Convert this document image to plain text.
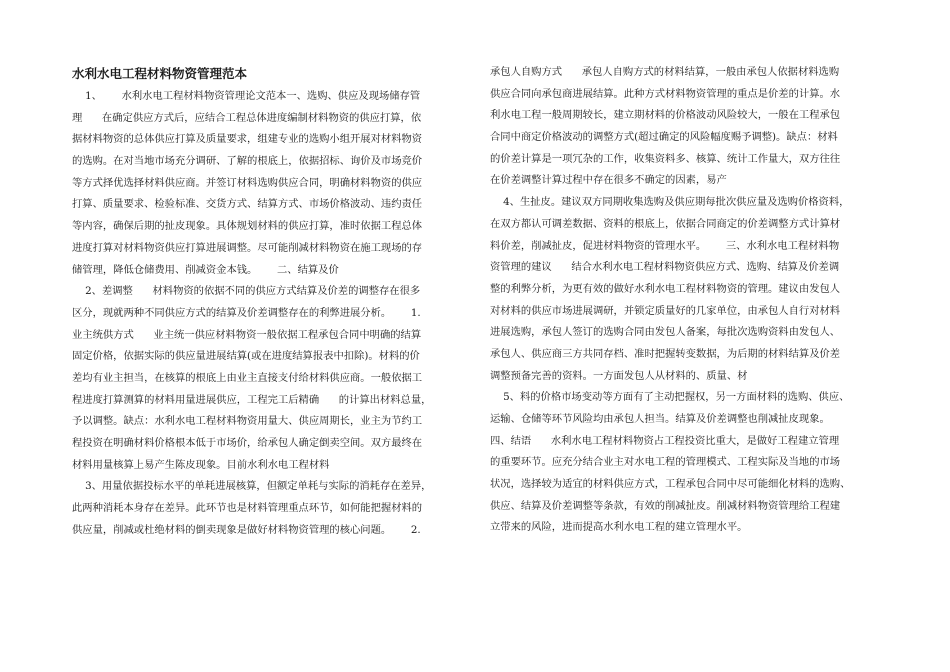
水利水电工程材料物资管理范本
1、      水利水电工程材料物资管理论文范本一、选购、供应及现场储存管
理      在确定供应方式后，应结合工程总体进度编制材料物资的供应打算，依
据材料物资的总体供应打算及质量要求，组建专业的选购小组开展对材料物资
的选购。在对当地市场充分调研、了解的根底上，依据招标、询价及市场竞价
等方式择优选择材料供应商。并签订材料选购供应合同，明确材料物资的供应
打算、质量要求、检验标准、交货方式、结算方式、市场价格波动、违约责任
等内容，确保后期的扯皮现象。具体规划材料的供应打算，准时依据工程总体
进度打算对材料物资供应打算进展调整。尽可能削减材料物资在施工现场的存
储管理，降低仓储费用、削减资金本钱。      二、结算及价
2、差调整      材料物资的依据不同的供应方式结算及价差的调整存在很多
区分，现就两种不同供应方式的结算及价差调整存在的利弊进展分析。      1.
业主统供方式      业主统一供应材料物资一般依据工程承包合同中明确的结算
固定价格，依据实际的供应量进展结算(或在进度结算报表中扣除)。材料的价
差均有业主担当，在核算的根底上由业主直接支付给材料供应商。一般依据工
程进度打算测算的材料用量进展供应，工程完工后精确      的计算出材料总量，
予以调整。缺点：水利水电工程材料物资用量大、供应周期长，业主为节约工
程投资在明确材料价格根本低于市场价，给承包人确定倒卖空间。双方最终在
材料用量核算上易产生陈皮现象。目前水利水电工程材料
3、用量依据投标水平的单耗进展核算，但额定单耗与实际的消耗存在差异，
此两种消耗本身存在差异。此环节也是材料管理重点环节，如何能把握材料的
供应量，削减或杜绝材料的倒卖现象是做好材料物资管理的核心问题。      2.
承包人自购方式      承包人自购方式的材料结算，一般由承包人依据材料选购
供应合同向承包商进展结算。此种方式材料物资管理的重点是价差的计算。水
利水电工程一般周期较长，建立期材料的价格波动风险较大，一般在工程承包
合同中商定价格波动的调整方式(超过确定的风险幅度赐予调整)。缺点：材料
的价差计算是一项冗杂的工作，收集资料多、核算、统计工作量大，双方往往
在价差调整计算过程中存在很多不确定的因素，易产
4、生扯皮。建议双方同期收集选购及供应期每批次供应量及选购价格资料，
在双方都认可调差数据、资料的根底上，依据合同商定的价差调整方式计算材
料价差，削减扯皮，促进材料物资的管理水平。      三、水利水电工程材料物
资管理的建议      结合水利水电工程材料物资供应方式、选购、结算及价差调
整的利弊分析，为更有效的做好水利水电工程材料物资的管理。建议由发包人
对材料的供应市场进展调研，并锁定质量好的几家单位，由承包人自行对材料
进展选购，承包人签订的选购合同由发包人备案，每批次选购资料由发包人、
承包人、供应商三方共同存档、准时把握转变数据，为后期的材料结算及价差
调整预备完善的资料。一方面发包人从材料的、质量、材
5、料的价格市场变动等方面有了主动把握权，另一方面材料的选购、供应、
运输、仓储等环节风险均由承包人担当。结算及价差调整也削减扯皮现象。
四、结语      水利水电工程材料物资占工程投资比重大，是做好工程建立管理
的重要环节。应充分结合业主对水电工程的管理模式、工程实际及当地的市场
状况，选择较为适宜的材料供应方式，工程承包合同中尽可能细化材料的选购、
供应、结算及价差调整等条款，有效的削减扯皮。削减材料物资管理给工程建
立带来的风险，进而提高水利水电工程的建立管理水平。
